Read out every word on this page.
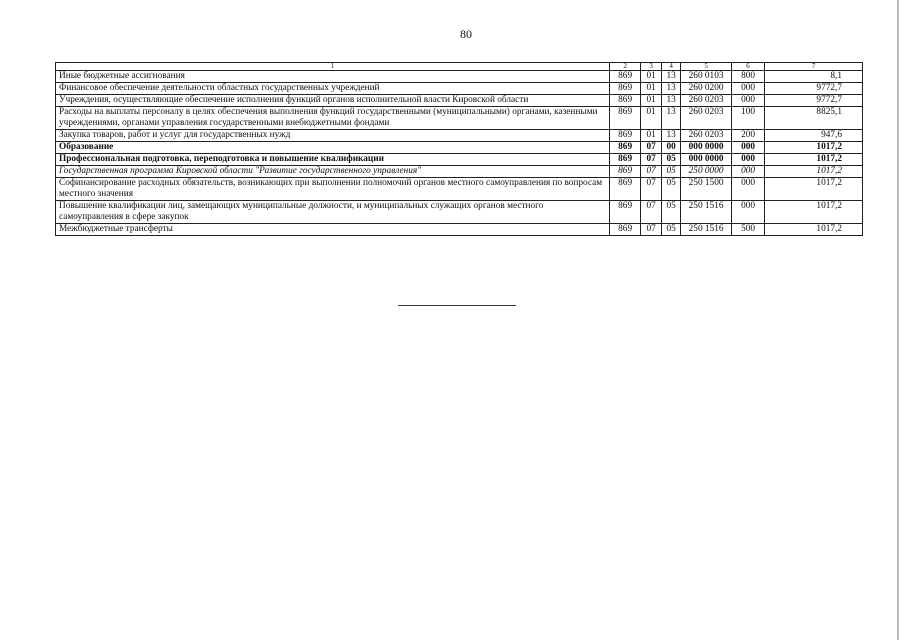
80
1	2	3	4	5	6	7
Иные бюджетные ассигнования	869	01	13	260 0103	800	8,1
Финансовое обеспечение деятельности областных государственных учреждений	869	01	13	260 0200	000	9772,7
Учреждения, осуществляющие обеспечение исполнения функций органов исполнительной власти Кировской области	869	01	13	260 0203	000	9772,7
Расходы на выплаты персоналу в целях обеспечения выполнения функций государственными (муниципальными) органами, казенными учреждениями, органами управления государственными внебюджетными фондами	869	01	13	260 0203	100	8825,1
Закупка товаров, работ и услуг для государственных нужд	869	01	13	260 0203	200	947,6
Образование	869	07	00	000 0000	000	1017,2
Профессиональная подготовка, переподготовка и повышение квалификации	869	07	05	000 0000	000	1017,2
Государственная программа Кировской области "Развитие государственного управления"	869	07	05	250 0000	000	1017,2
Софинансирование расходных обязательств, возникающих при выполнении полномочий органов местного самоуправления по вопросам местного значения	869	07	05	250 1500	000	1017,2
Повышение квалификации лиц, замещающих муниципальные должности, и муниципальных служащих органов местного самоуправления в сфере закупок	869	07	05	250 1516	000	1017,2
Межбюджетные трансферты	869	07	05	250 1516	500	1017,2
